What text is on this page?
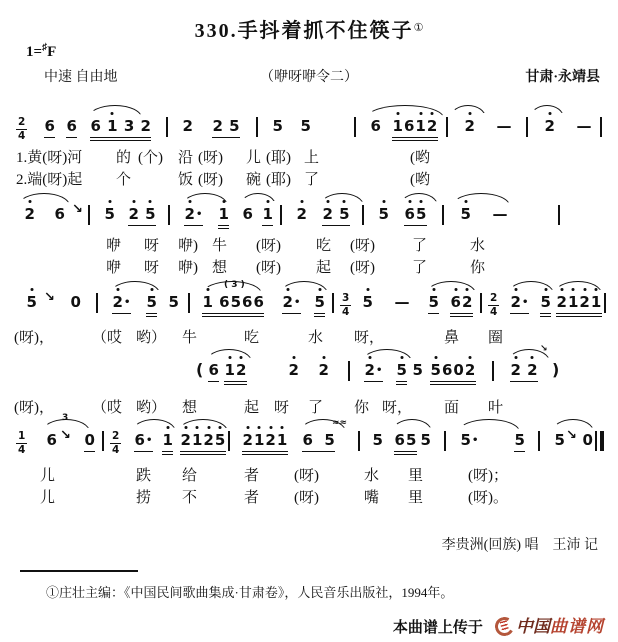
330.手抖着抓不住筷子①
1=♯F
中速 自由地	（咿呀咿令二）	甘肃·永靖县
2
4
6 6 6 1 3 2 2 2 5 5 5	6 1612 2 — 2 —
1.黄(呀)河 的 (个) 沿 (呀) 儿 (耶) 上	(哟
2.端(呀)起 个	饭 (呀) 碗 (耶) 了	(哟
2 6 ↘ 5 2 5 2• 1 6 1 2 2 5 5 65 5 —
咿 呀 咿) 牛 (呀) 吃 (呀) 了	水
咿 呀 咿) 想 (呀) 起 (呀) 了	你
5 ↘ 0 2• 5 5 1 6566 2• 5 3
4
5 — 5 62 2
4
2• 5 2121
( 3 )
(呀)，	（哎 哟） 牛	吃	水 呀，	鼻 圈
( 6 12	2 2 2• 5 5 5602 2 2 )
↘
(呀)，	（哎 哟） 想	起 呀 了 你 呀， 面 叶
1
4
6 ↘ 0 2
4
6• 1 2125 2121 6 5	5 65 5 5• 5 5 ↘ 0
3	≈≈
儿	跌 给	者 (呀)	水 里	(呀)；
儿	捞 不	者 (呀)	嘴 里	(呀)。
李贵洲(回族) 唱　王沛 记
①庄壮主编：《中国民间歌曲集成·甘肃卷》，人民音乐出版社，1994年。
本曲谱上传于 中国曲谱网
